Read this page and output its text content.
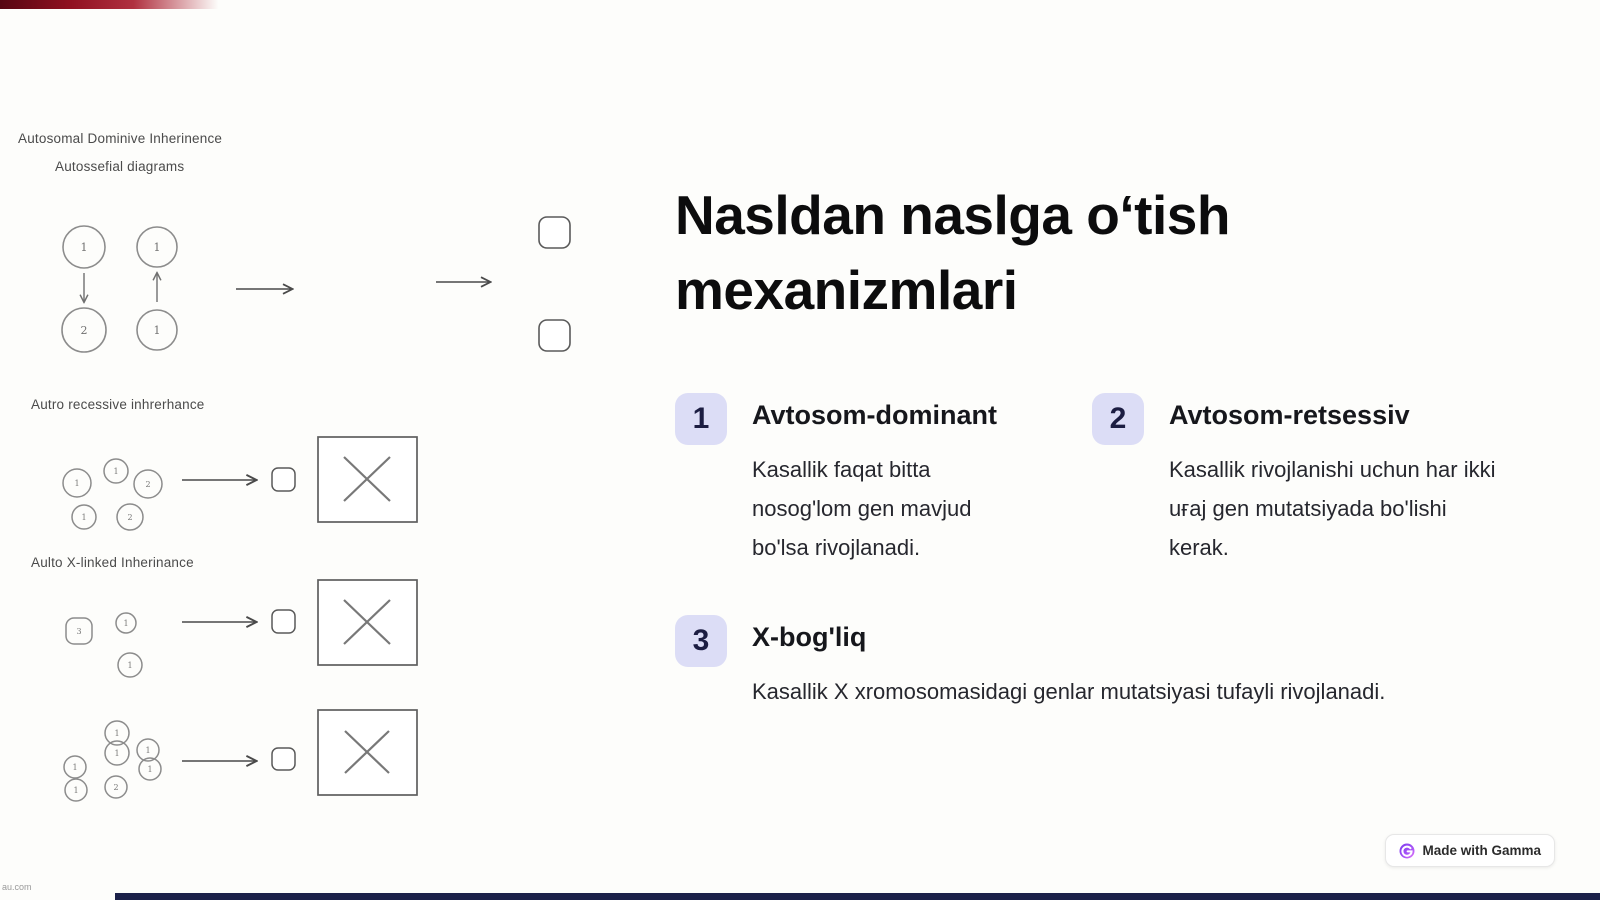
Autosomal Dominive Inherinence
Autossefial diagrams
Autro recessive inhrerhance
Aulto X-linked Inherinance
1	1
2	1
1
1
2
1	2
3
1
1
1
1
1
1
2
1
1
Nasldan naslga o‘tish mexanizmlari
1	Avtosom-dominant

Kasallik faqat bitta nosog'lom gen mavjud bo'lsa rivojlanadi.

2	Avtosom-retsessiv

Kasallik rivojlanishi uchun har ikki uғaj gen mutatsiyada bo'lishi kerak.

3	X-bog'liq

Kasallik X xromosomasidagi genlar mutatsiyasi tufayli rivojlanadi.

Made with Gamma
au.com
